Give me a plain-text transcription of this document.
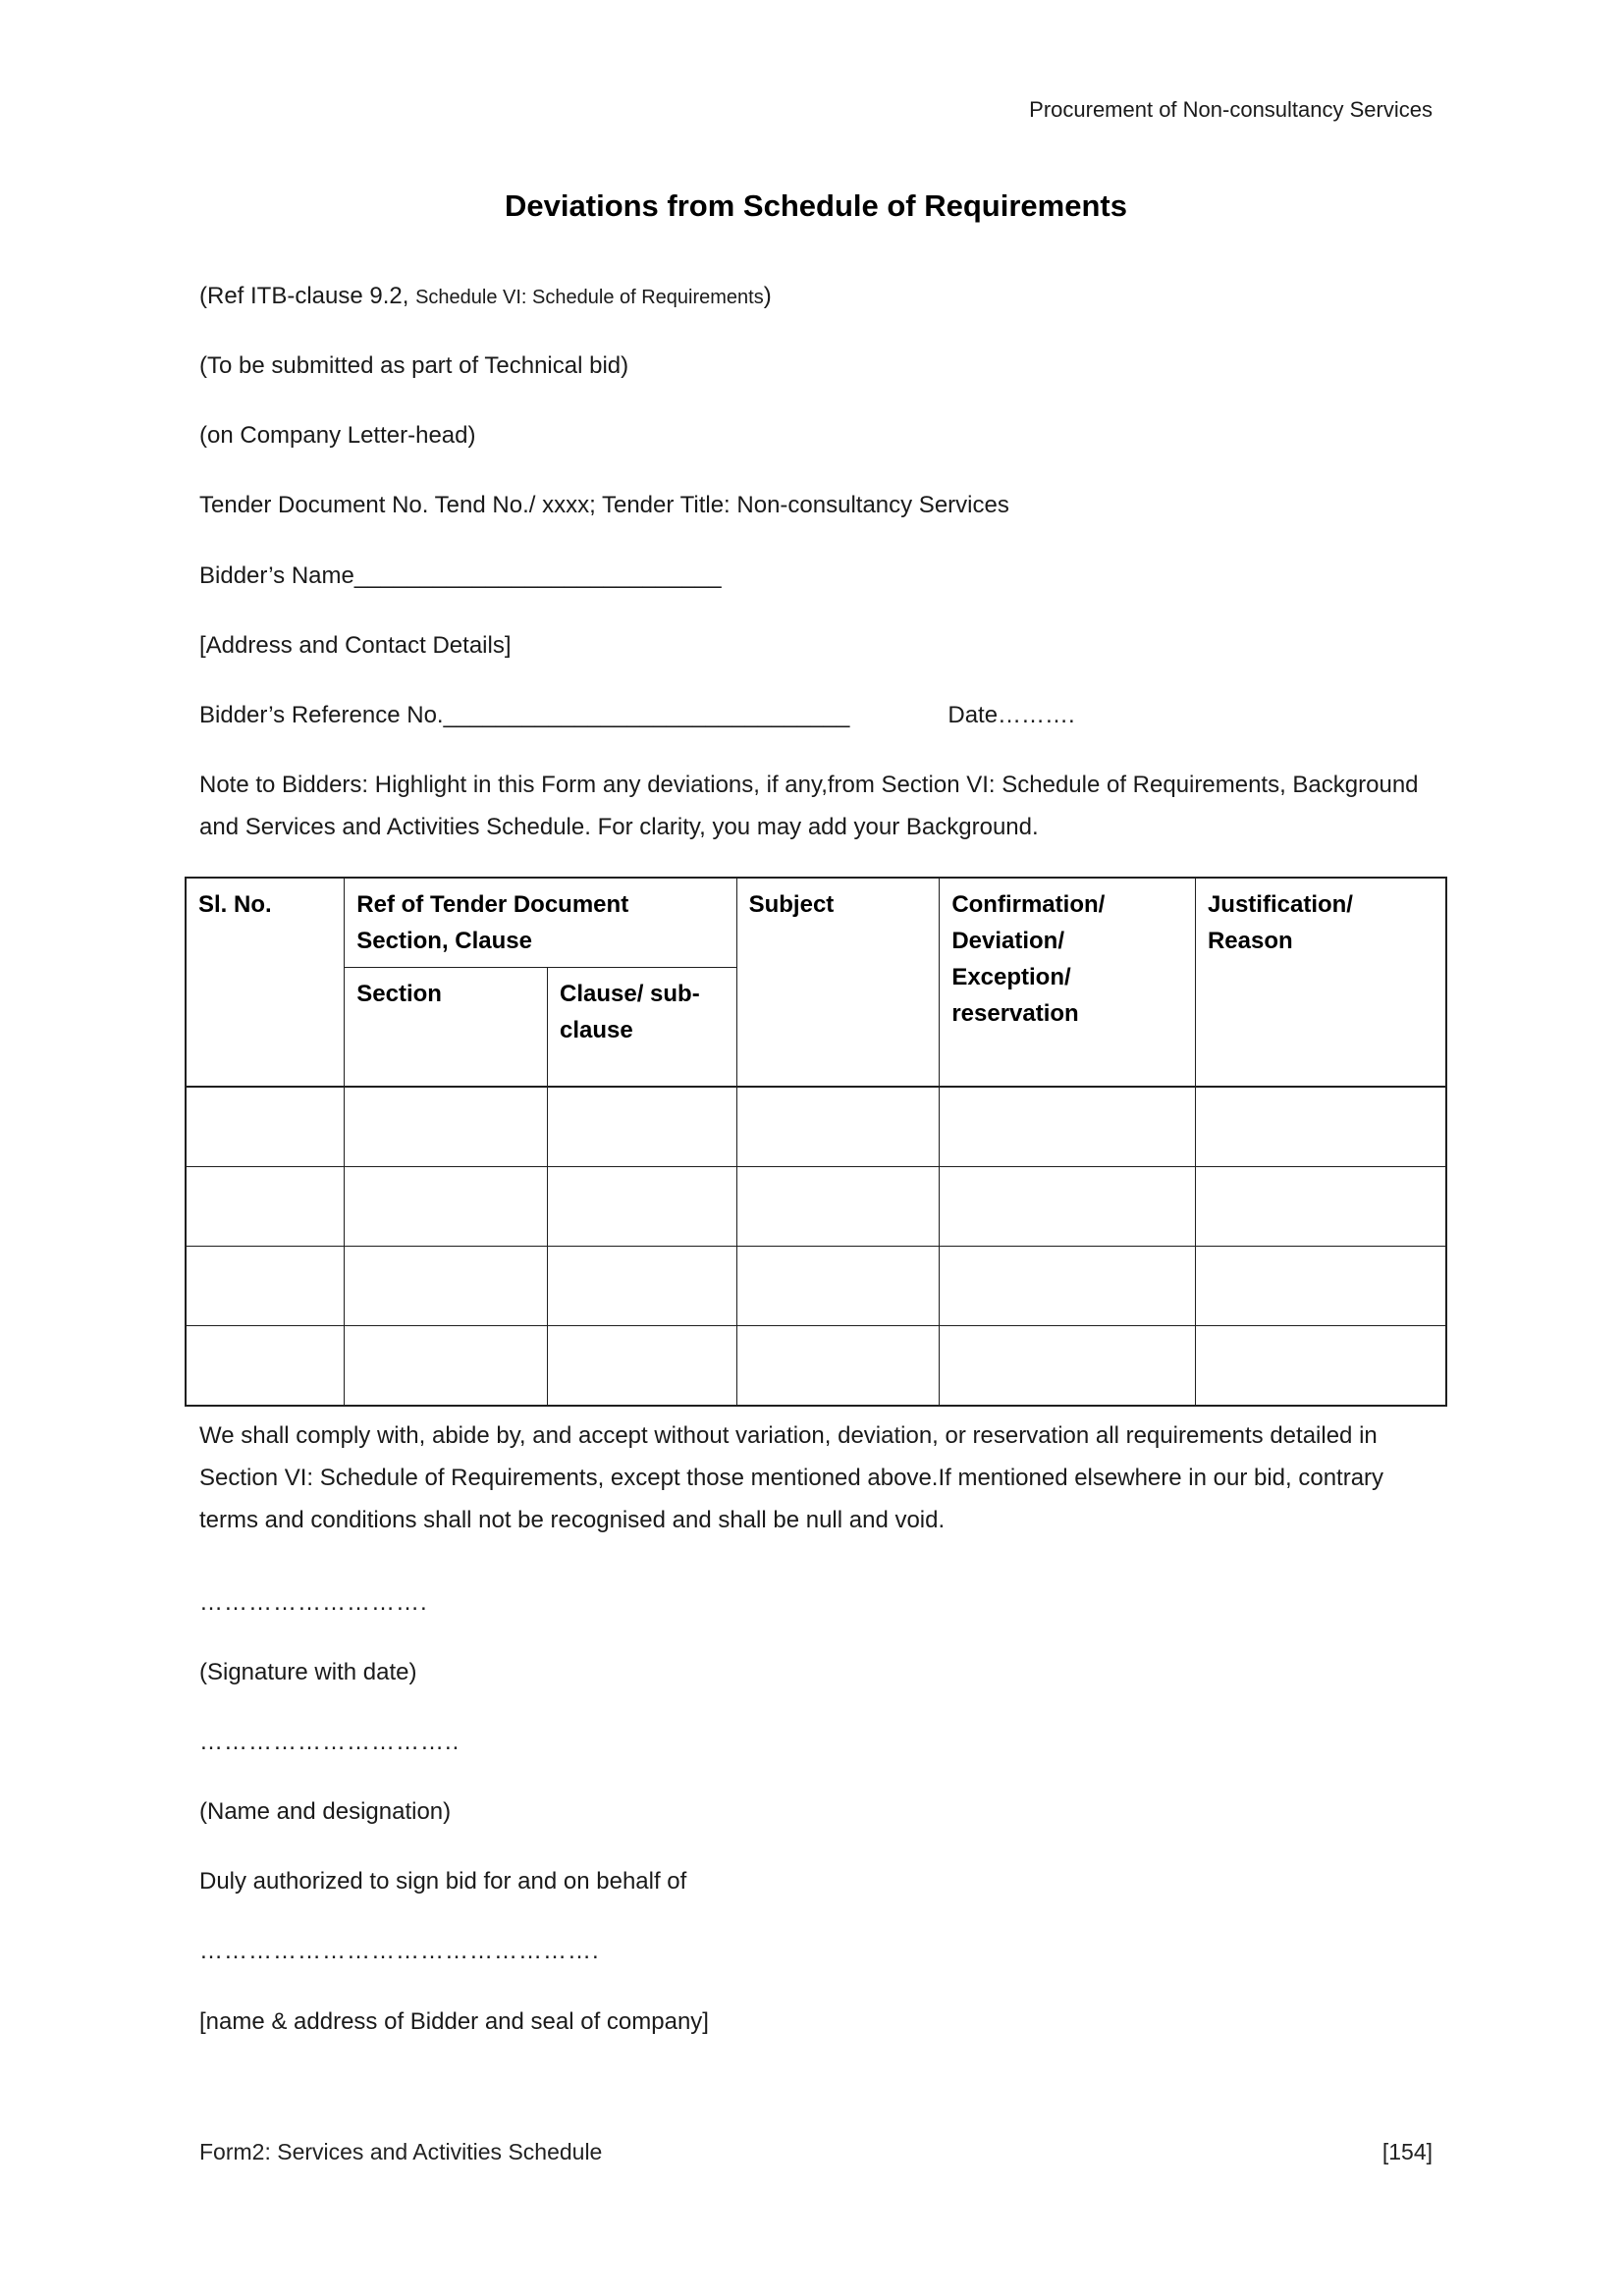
Procurement of Non-consultancy Services

Deviations from Schedule of Requirements

(Ref ITB-clause 9.2, Schedule VI: Schedule of Requirements)

(To be submitted as part of Technical bid)

(on Company Letter-head)

Tender Document No. Tend No./ xxxx; Tender Title: Non-consultancy Services

Bidder’s Name____________________________

[Address and Contact Details]

Bidder’s Reference No._______________________________	Date……….

Note to Bidders: Highlight in this Form any deviations, if any,from Section VI: Schedule of Requirements, Background and Services and Activities Schedule. For clarity, you may add your Background.

Sl. No.	Ref of Tender Document Section, Clause		Subject	Confirmation/ Deviation/ Exception/ reservation	Justification/ Reason
	Section	Clause/ sub-clause			

We shall comply with, abide by, and accept without variation, deviation, or reservation all requirements detailed in Section VI: Schedule of Requirements, except those mentioned above.If mentioned elsewhere in our bid, contrary terms and conditions shall not be recognised and shall be null and void.

……………………….

(Signature with date)

…………………………..

(Name and designation)

Duly authorized to sign bid for and on behalf of

………………………………………….

[name & address of Bidder and seal of company]

Form2: Services and Activities Schedule	[154]
